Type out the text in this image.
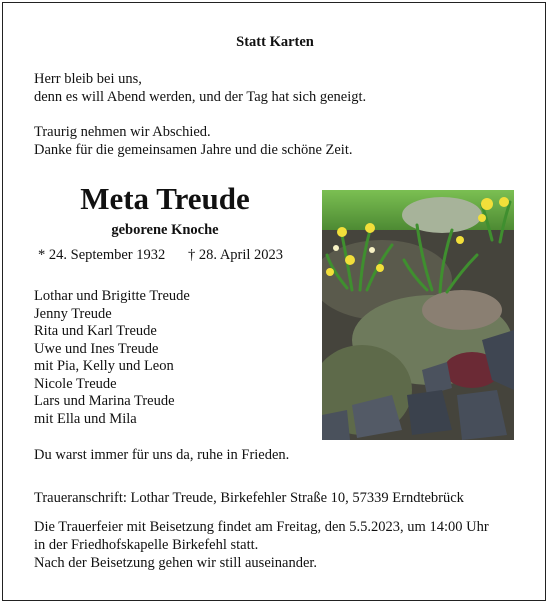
Statt Karten
Herr bleib bei uns,
denn es will Abend werden, und der Tag hat sich geneigt.
Traurig nehmen wir Abschied.
Danke für die gemeinsamen Jahre und die schöne Zeit.
Meta Treude
geborene Knoche
* 24. September 1932 † 28. April 2023
Lothar und Brigitte Treude
Jenny Treude
Rita und Karl Treude
Uwe und Ines Treude
mit Pia, Kelly und Leon
Nicole Treude
Lars und Marina Treude
mit Ella und Mila
Du warst immer für uns da, ruhe in Frieden.
Traueranschrift: Lothar Treude, Birkefehler Straße 10, 57339 Erndtebrück
Die Trauerfeier mit Beisetzung findet am Freitag, den 5.5.2023, um 14:00 Uhr
in der Friedhofskapelle Birkefehl statt.
Nach der Beisetzung gehen wir still auseinander.
